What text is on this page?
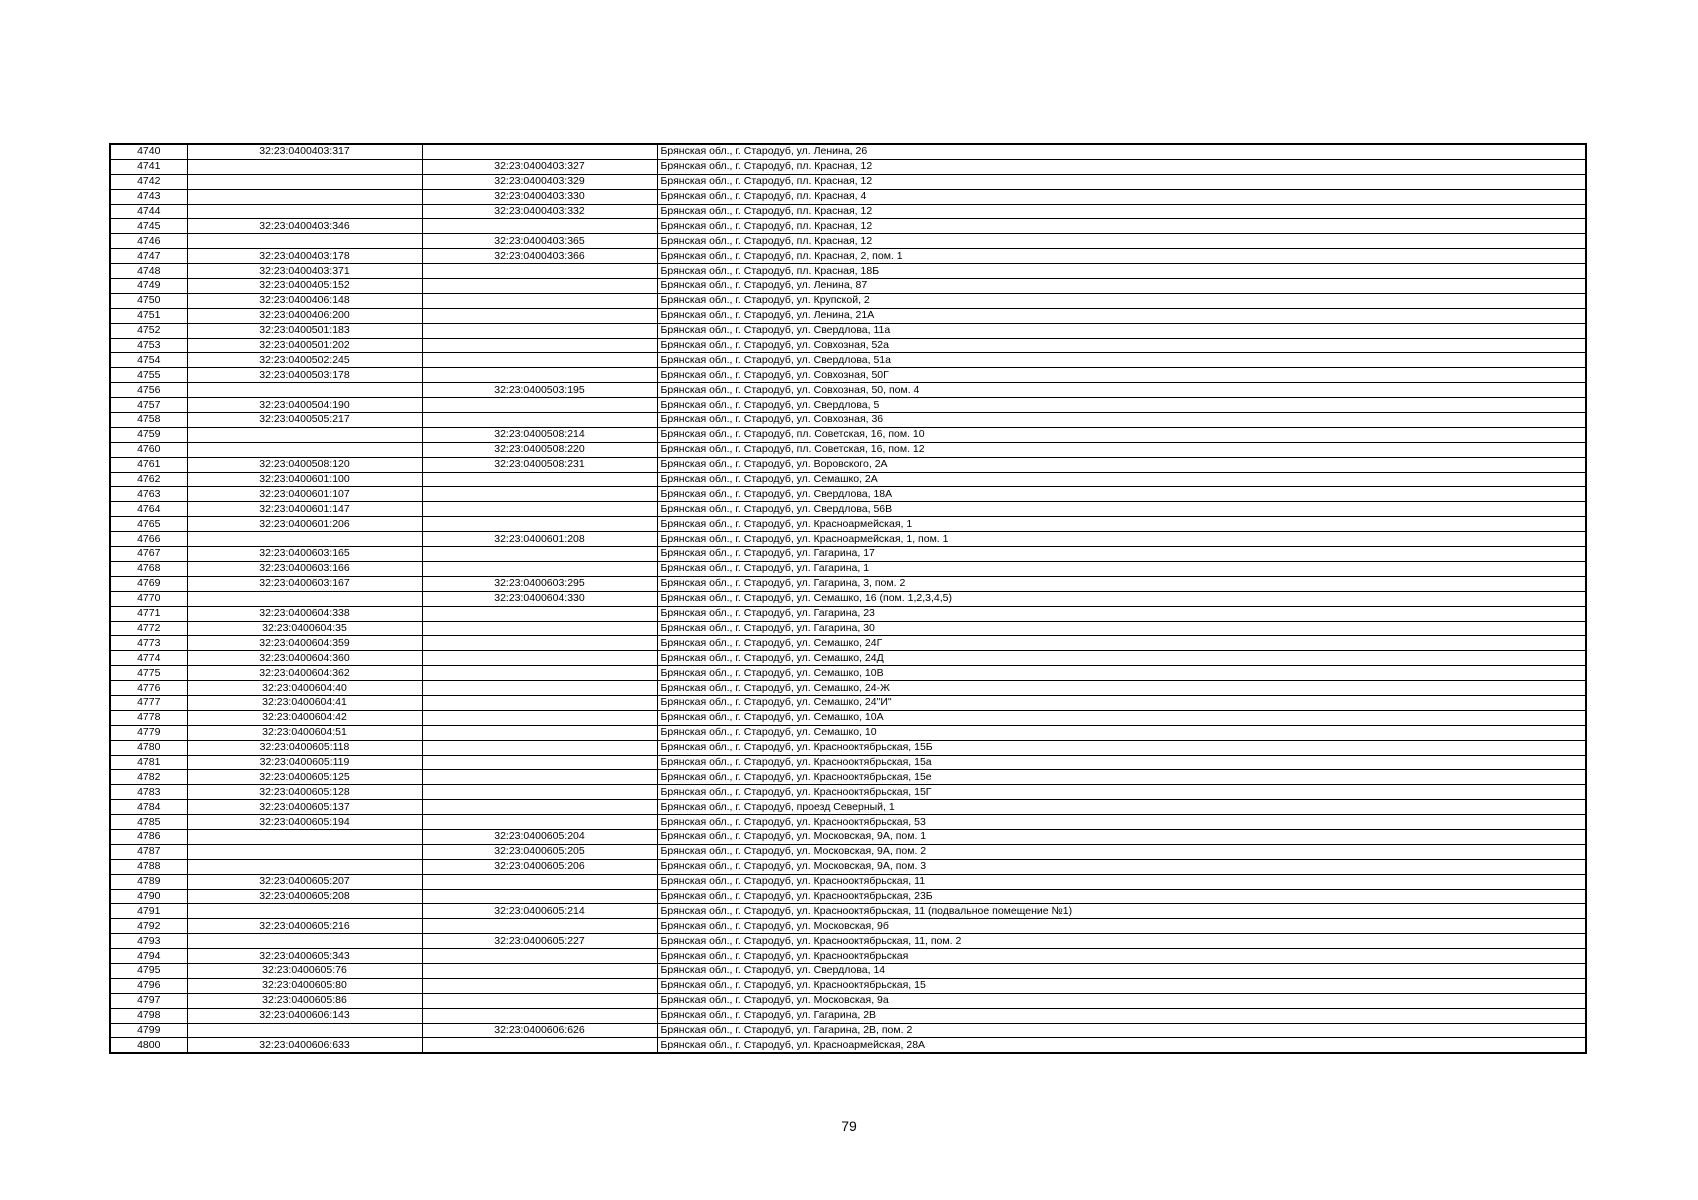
4740	32:23:0400403:317		Брянская обл., г. Стародуб, ул. Ленина, 26
4741		32:23:0400403:327	Брянская обл., г. Стародуб, пл. Красная, 12
4742		32:23:0400403:329	Брянская обл., г. Стародуб, пл. Красная, 12
4743		32:23:0400403:330	Брянская обл., г. Стародуб, пл. Красная, 4
4744		32:23:0400403:332	Брянская обл., г. Стародуб, пл. Красная, 12
4745	32:23:0400403:346		Брянская обл., г. Стародуб, пл. Красная, 12
4746		32:23:0400403:365	Брянская обл., г. Стародуб, пл. Красная, 12
4747	32:23:0400403:178	32:23:0400403:366	Брянская обл., г. Стародуб, пл. Красная, 2, пом. 1
4748	32:23:0400403:371		Брянская обл., г. Стародуб, пл. Красная, 18Б
4749	32:23:0400405:152		Брянская обл., г. Стародуб, ул. Ленина, 87
4750	32:23:0400406:148		Брянская обл., г. Стародуб, ул. Крупской, 2
4751	32:23:0400406:200		Брянская обл., г. Стародуб, ул. Ленина, 21А
4752	32:23:0400501:183		Брянская обл., г. Стародуб, ул. Свердлова, 11а
4753	32:23:0400501:202		Брянская обл., г. Стародуб, ул. Совхозная, 52а
4754	32:23:0400502:245		Брянская обл., г. Стародуб, ул. Свердлова, 51а
4755	32:23:0400503:178		Брянская обл., г. Стародуб, ул. Совхозная, 50Г
4756		32:23:0400503:195	Брянская обл., г. Стародуб, ул. Совхозная, 50, пом. 4
4757	32:23:0400504:190		Брянская обл., г. Стародуб, ул. Свердлова, 5
4758	32:23:0400505:217		Брянская обл., г. Стародуб, ул. Совхозная, 36
4759		32:23:0400508:214	Брянская обл., г. Стародуб, пл. Советская, 16, пом. 10
4760		32:23:0400508:220	Брянская обл., г. Стародуб, пл. Советская, 16, пом. 12
4761	32:23:0400508:120	32:23:0400508:231	Брянская обл., г. Стародуб, ул. Воровского, 2А
4762	32:23:0400601:100		Брянская обл., г. Стародуб, ул. Семашко, 2А
4763	32:23:0400601:107		Брянская обл., г. Стародуб, ул. Свердлова, 18А
4764	32:23:0400601:147		Брянская обл., г. Стародуб, ул. Свердлова, 56В
4765	32:23:0400601:206		Брянская обл., г. Стародуб, ул. Красноармейская, 1
4766		32:23:0400601:208	Брянская обл., г. Стародуб, ул. Красноармейская, 1, пом. 1
4767	32:23:0400603:165		Брянская обл., г. Стародуб, ул. Гагарина, 17
4768	32:23:0400603:166		Брянская обл., г. Стародуб, ул. Гагарина, 1
4769	32:23:0400603:167	32:23:0400603:295	Брянская обл., г. Стародуб, ул. Гагарина, 3, пом. 2
4770		32:23:0400604:330	Брянская обл., г. Стародуб, ул. Семашко, 16 (пом. 1,2,3,4,5)
4771	32:23:0400604:338		Брянская обл., г. Стародуб, ул. Гагарина, 23
4772	32:23:0400604:35		Брянская обл., г. Стародуб, ул. Гагарина, 30
4773	32:23:0400604:359		Брянская обл., г. Стародуб, ул. Семашко, 24Г
4774	32:23:0400604:360		Брянская обл., г. Стародуб, ул. Семашко, 24Д
4775	32:23:0400604:362		Брянская обл., г. Стародуб, ул. Семашко, 10В
4776	32:23:0400604:40		Брянская обл., г. Стародуб, ул. Семашко, 24-Ж
4777	32:23:0400604:41		Брянская обл., г. Стародуб, ул. Семашко, 24"И"
4778	32:23:0400604:42		Брянская обл., г. Стародуб, ул. Семашко, 10А
4779	32:23:0400604:51		Брянская обл., г. Стародуб, ул. Семашко, 10
4780	32:23:0400605:118		Брянская обл., г. Стародуб, ул. Краснооктябрьская, 15Б
4781	32:23:0400605:119		Брянская обл., г. Стародуб, ул. Краснооктябрьская, 15а
4782	32:23:0400605:125		Брянская обл., г. Стародуб, ул. Краснооктябрьская, 15е
4783	32:23:0400605:128		Брянская обл., г. Стародуб, ул. Краснооктябрьская, 15Г
4784	32:23:0400605:137		Брянская обл., г. Стародуб, проезд Северный, 1
4785	32:23:0400605:194		Брянская обл., г. Стародуб, ул. Краснооктябрьская, 53
4786		32:23:0400605:204	Брянская обл., г. Стародуб, ул. Московская, 9А, пом. 1
4787		32:23:0400605:205	Брянская обл., г. Стародуб, ул. Московская, 9А, пом. 2
4788		32:23:0400605:206	Брянская обл., г. Стародуб, ул. Московская, 9А, пом. 3
4789	32:23:0400605:207		Брянская обл., г. Стародуб, ул. Краснооктябрьская, 11
4790	32:23:0400605:208		Брянская обл., г. Стародуб, ул. Краснооктябрьская, 23Б
4791		32:23:0400605:214	Брянская обл., г. Стародуб, ул. Краснооктябрьская, 11 (подвальное помещение №1)
4792	32:23:0400605:216		Брянская обл., г. Стародуб, ул. Московская, 9б
4793		32:23:0400605:227	Брянская обл., г. Стародуб, ул. Краснооктябрьская, 11, пом. 2
4794	32:23:0400605:343		Брянская обл., г. Стародуб, ул. Краснооктябрьская
4795	32:23:0400605:76		Брянская обл., г. Стародуб, ул. Свердлова, 14
4796	32:23:0400605:80		Брянская обл., г. Стародуб, ул. Краснооктябрьская, 15
4797	32:23:0400605:86		Брянская обл., г. Стародуб, ул. Московская, 9а
4798	32:23:0400606:143		Брянская обл., г. Стародуб, ул. Гагарина, 2В
4799		32:23:0400606:626	Брянская обл., г. Стародуб, ул. Гагарина, 2В, пом. 2
4800	32:23:0400606:633		Брянская обл., г. Стародуб, ул. Красноармейская, 28А
79
